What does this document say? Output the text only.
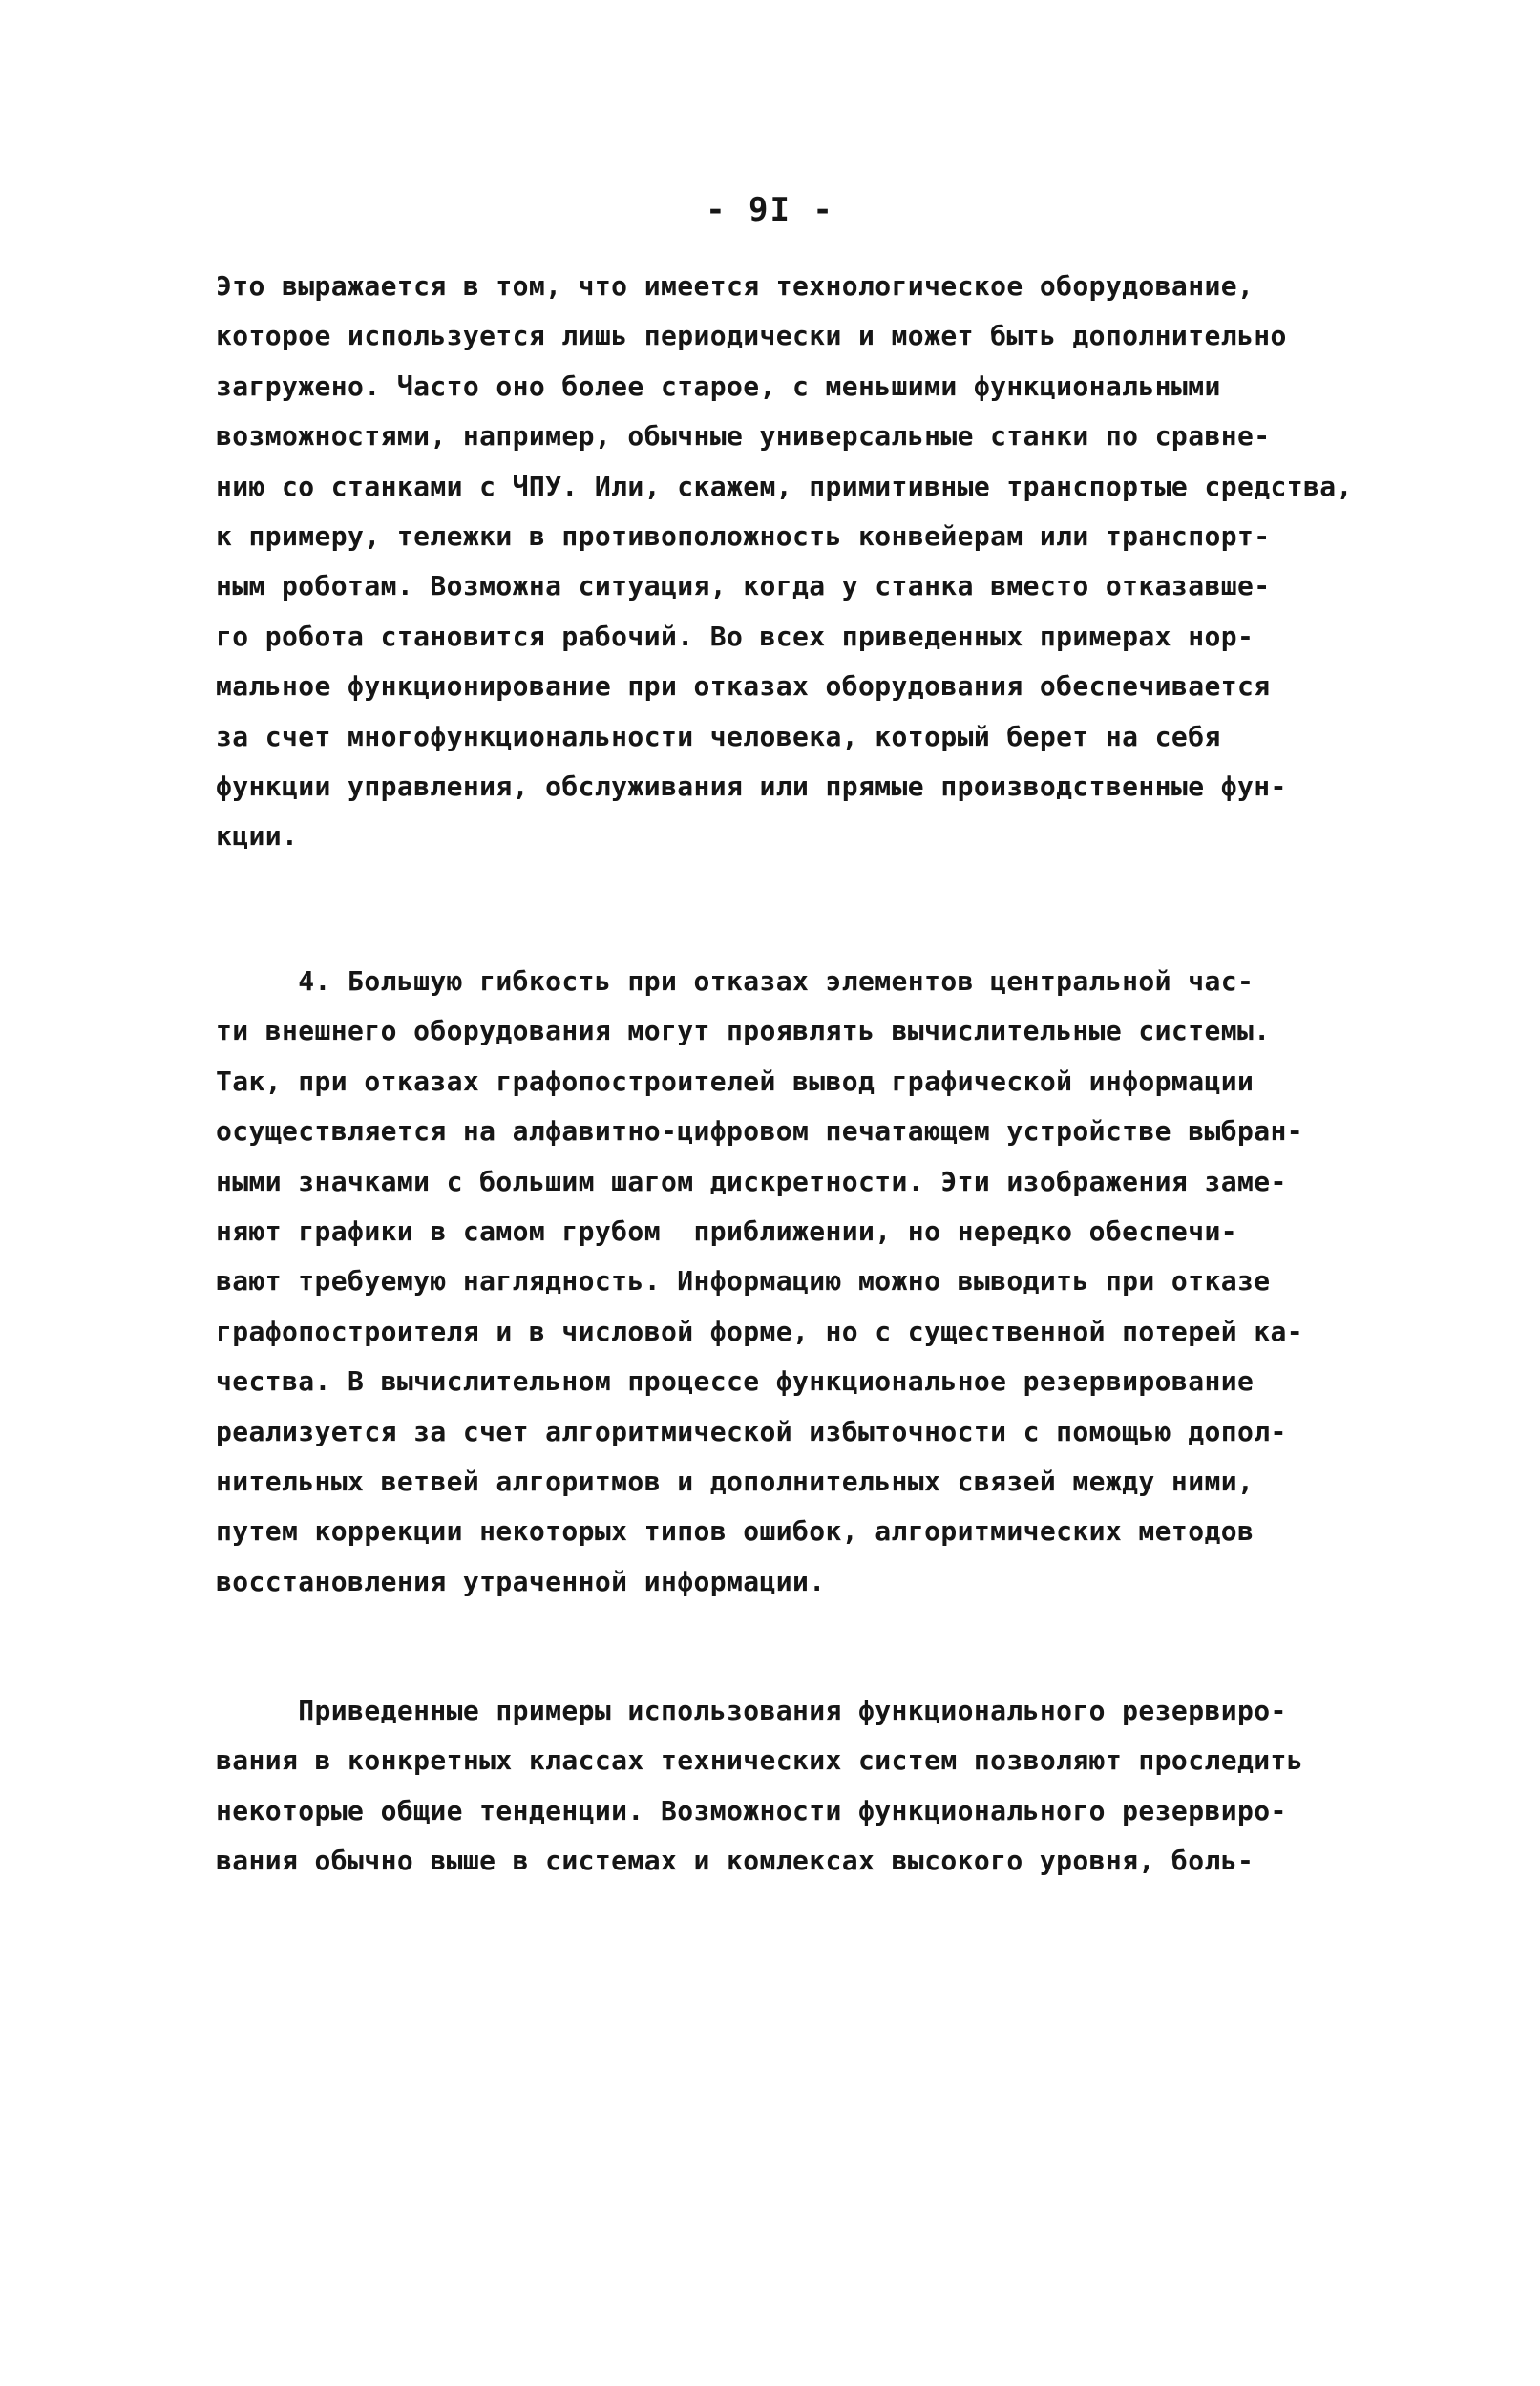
- 9I -
Это выражается в том, что имеется технологическое оборудование,
которое используется лишь периодически и может быть дополнительно
загружено. Часто оно более старое, с меньшими функциональными
возможностями, например, обычные универсальные станки по сравне-
нию со станками с ЧПУ. Или, скажем, примитивные транспортые средства,
к примеру, тележки в противоположность конвейерам или транспорт-
ным роботам. Возможна ситуация, когда у станка вместо отказавше-
го робота становится рабочий. Во всех приведенных примерах нор-
мальное функционирование при отказах оборудования обеспечивается
за счет многофункциональности человека, который берет на себя
функции управления, обслуживания или прямые производственные фун-
кции.
4. Большую гибкость при отказах элементов центральной час-
ти внешнего оборудования могут проявлять вычислительные системы.
Так, при отказах графопостроителей вывод графической информации
осуществляется на алфавитно-цифровом печатающем устройстве выбран-
ными значками с большим шагом дискретности. Эти изображения заме-
няют графики в самом грубом  приближении, но нередко обеспечи-
вают требуемую наглядность. Информацию можно выводить при отказе
графопостроителя и в числовой форме, но с существенной потерей ка-
чества. В вычислительном процессе функциональное резервирование
реализуется за счет алгоритмической избыточности с помощью допол-
нительных ветвей алгоритмов и дополнительных связей между ними,
путем коррекции некоторых типов ошибок, алгоритмических методов
восстановления утраченной информации.
Приведенные примеры использования функционального резервиро-
вания в конкретных классах технических систем позволяют проследить
некоторые общие тенденции. Возможности функционального резервиро-
вания обычно выше в системах и комлексах высокого уровня, боль-
